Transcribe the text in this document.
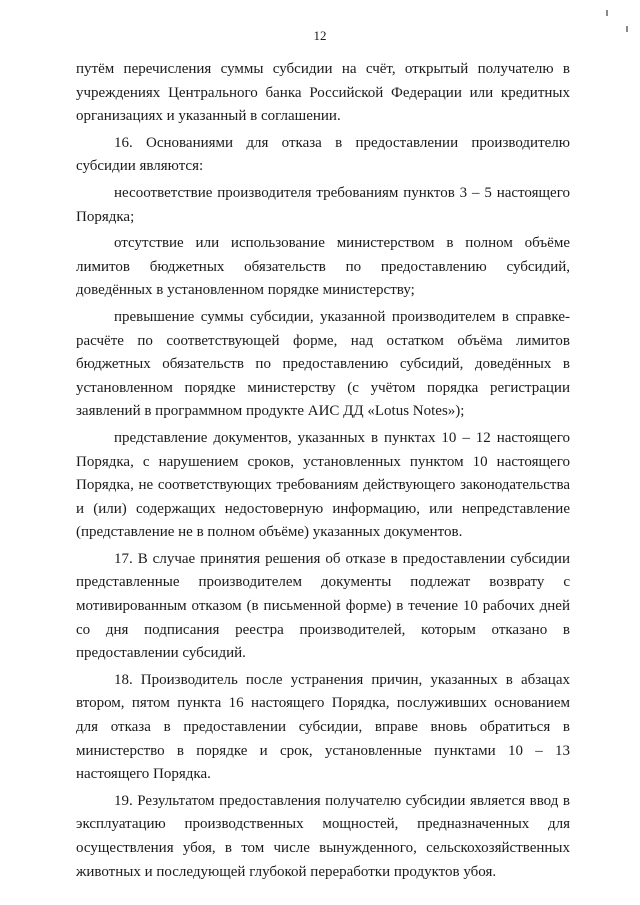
12

путём перечисления суммы субсидии на счёт, открытый получателю в учреждениях Центрального банка Российской Федерации или кредитных организациях и указанный в соглашении.

16. Основаниями для отказа в предоставлении производителю субсидии являются:

несоответствие производителя требованиям пунктов 3 – 5 настоящего Порядка;

отсутствие или использование министерством в полном объёме лимитов бюджетных обязательств по предоставлению субсидий, доведённых в установленном порядке министерству;

превышение суммы субсидии, указанной производителем в справке-расчёте по соответствующей форме, над остатком объёма лимитов бюджетных обязательств по предоставлению субсидий, доведённых в установленном порядке министерству (с учётом порядка регистрации заявлений в программном продукте АИС ДД «Lotus Notes»);

представление документов, указанных в пунктах 10 – 12 настоящего Порядка, с нарушением сроков, установленных пунктом 10 настоящего Порядка, не соответствующих требованиям действующего законодательства и (или) содержащих недостоверную информацию, или непредставление (представление не в полном объёме) указанных документов.

17. В случае принятия решения об отказе в предоставлении субсидии представленные производителем документы подлежат возврату с мотивированным отказом (в письменной форме) в течение 10 рабочих дней со дня подписания реестра производителей, которым отказано в предоставлении субсидий.

18. Производитель после устранения причин, указанных в абзацах втором, пятом пункта 16 настоящего Порядка, послуживших основанием для отказа в предоставлении субсидии, вправе вновь обратиться в министерство в порядке и срок, установленные пунктами 10 – 13 настоящего Порядка.

19. Результатом предоставления получателю субсидии является ввод в эксплуатацию производственных мощностей, предназначенных для осуществления убоя, в том числе вынужденного, сельскохозяйственных животных и последующей глубокой переработки продуктов убоя.
